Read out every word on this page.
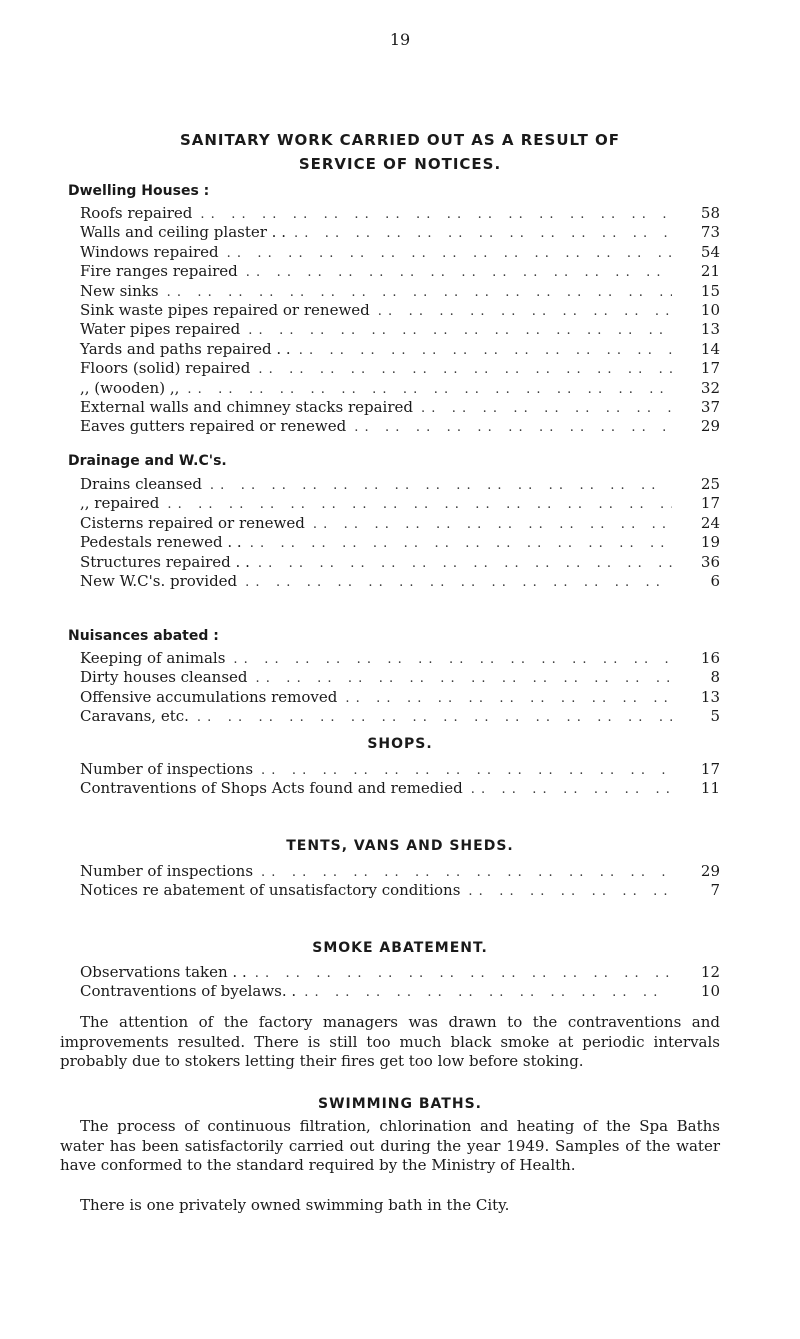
19

SANITARY WORK CARRIED OUT AS A RESULT OF

SERVICE OF NOTICES.

Dwelling Houses :
Roofs repaired . .	58
Walls and ceiling plaster . . . .	73
Windows repaired . .	54
Fire ranges repaired . .	21
New sinks . .	15
Sink waste pipes repaired or renewed . .	10
Water pipes repaired . .	13
Yards and paths repaired . . . .	14
Floors (solid) repaired . .	17
,, (wooden) ,, . .	32
External walls and chimney stacks repaired . .	37
Eaves gutters repaired or renewed . .	29
Drainage and W.C's.
Drains cleansed . .	25
,, repaired . .	17
Cisterns repaired or renewed . .	24
Pedestals renewed . . . .	19
Structures repaired . . . .	36
New W.C's. provided . .	6
Nuisances abated :
Keeping of animals . .	16
Dirty houses cleansed . .	8
Offensive accumulations removed . .	13
Caravans, etc. . .	5
SHOPS.
Number of inspections . .	17
Contraventions of Shops Acts found and remedied . .	11
TENTS, VANS AND SHEDS.
Number of inspections . .	29
Notices re abatement of unsatisfactory conditions . .	7
SMOKE ABATEMENT.
Observations taken . . . .	12
Contraventions of byelaws. . . .	10

The attention of the factory managers was drawn to the contraventions and improvements resulted. There is still too much black smoke at periodic intervals probably due to stokers letting their fires get too low before stoking.

SWIMMING BATHS.

The process of continuous filtration, chlorination and heating of the Spa Baths water has been satisfactorily carried out during the year 1949. Samples of the water have conformed to the standard required by the Ministry of Health.

There is one privately owned swimming bath in the City.
